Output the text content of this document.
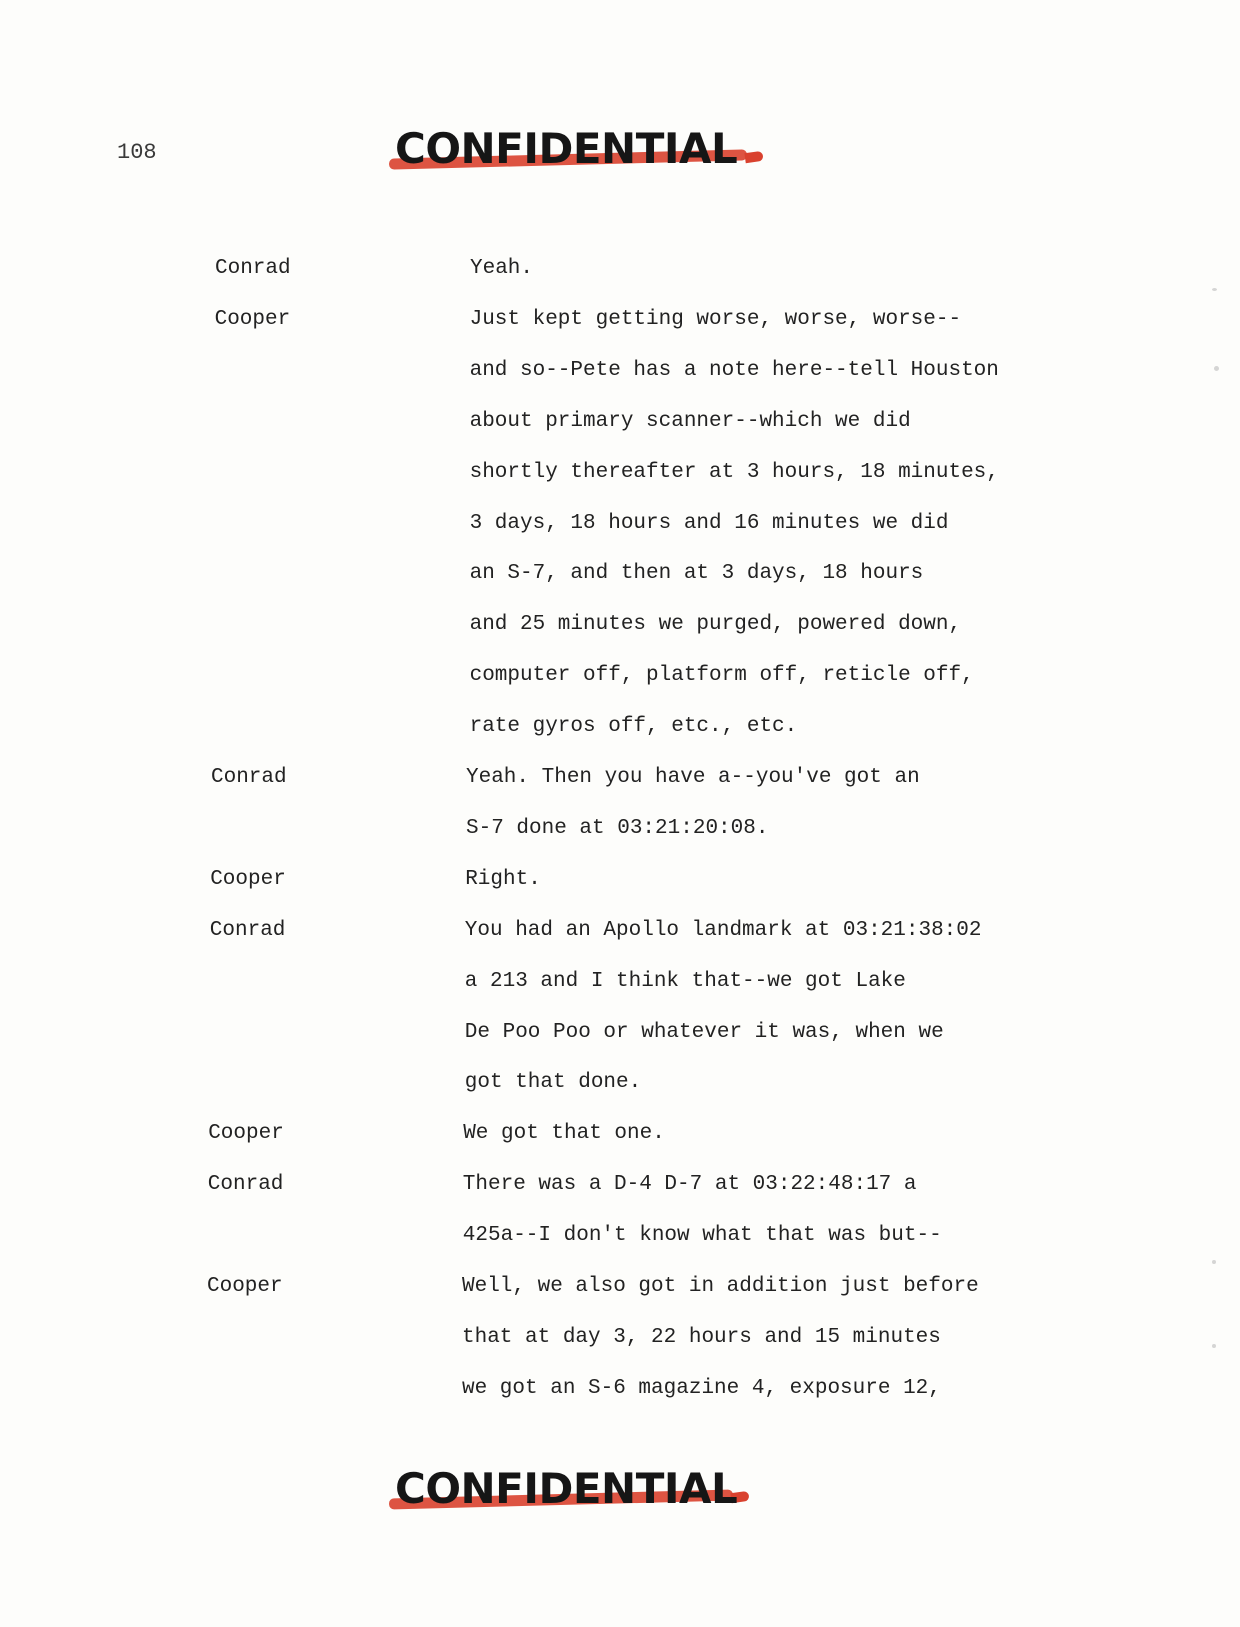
108	CONFIDENTIAL
Conrad	Yeah.
Cooper	Just kept getting worse, worse, worse--
and so--Pete has a note here--tell Houston
about primary scanner--which we did
shortly thereafter at 3 hours, 18 minutes,
3 days, 18 hours and 16 minutes we did
an S-7, and then at 3 days, 18 hours
and 25 minutes we purged, powered down,
computer off, platform off, reticle off,
rate gyros off, etc., etc.
Conrad	Yeah. Then you have a--you've got an
S-7 done at 03:21:20:08.
Cooper	Right.
Conrad	You had an Apollo landmark at 03:21:38:02
a 213 and I think that--we got Lake
De Poo Poo or whatever it was, when we
got that done.
Cooper	We got that one.
Conrad	There was a D-4 D-7 at 03:22:48:17 a
425a--I don't know what that was but--
Cooper	Well, we also got in addition just before
that at day 3, 22 hours and 15 minutes
we got an S-6 magazine 4, exposure 12,
CONFIDENTIAL
